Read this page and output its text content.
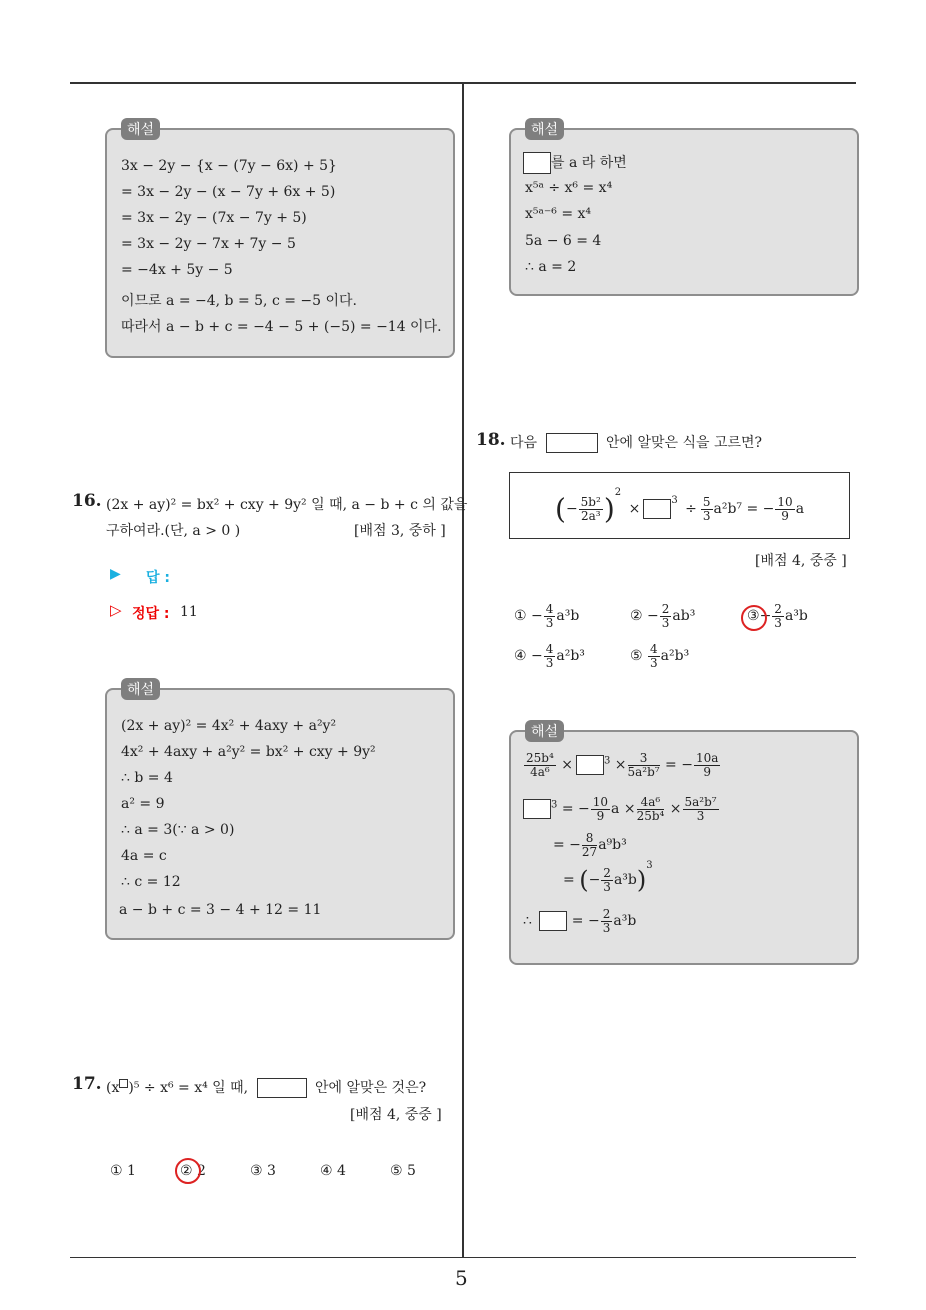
5
해설
3x − 2y − {x − (7y − 6x) + 5}
= 3x − 2y − (x − 7y + 6x + 5)
= 3x − 2y − (7x − 7y + 5)
= 3x − 2y − 7x + 7y − 5
= −4x + 5y − 5
이므로 a = −4, b = 5, c = −5 이다.
따라서 a − b + c = −4 − 5 + (−5) = −14 이다.
16. (2x + ay)² = bx² + cxy + 9y² 일 때, a − b + c 의 값을
구하여라.(단, a > 0 )	[배점 3, 중하 ]
▶ 답 :
▷ 정답 : 11
해설
(2x + ay)² = 4x² + 4axy + a²y²
4x² + 4axy + a²y² = bx² + cxy + 9y²
∴ b = 4
a² = 9
∴ a = 3(∵ a > 0)
4a = c
∴ c = 12
a − b + c = 3 − 4 + 12 = 11
17. (x )⁵ ÷ x⁶ = x⁴ 일 때,	안에 알맞은 것은?
[배점 4, 중중 ]
① 1	② 2	③ 3	④ 4	⑤ 5
해설
를 a 라 하면
x⁵ᵃ ÷ x⁶ = x⁴
x⁵ᵃ⁻⁶ = x⁴
5a − 6 = 4
∴ a = 2
18. 다음	안에 알맞은 식을 고르면?
(− $\frac{\text{5b²}}{\text{2a³}} )^2 \times^3 \div \frac{5}{3} a^2b^7$ = − $\frac{10}{9}$ a
[배점 4, 중중 ]
① − $\frac{4}{3} a^3b$	② − $\frac{2}{3} ab^3$	③− $\frac{2}{3} a^3b$
④ − $\frac{4}{3} a^2b^3$	⑤ $\frac{4}{3} a^2b^3$
해설
$\frac{\text{25b⁴}}{\text{4a⁶}}$ ×	$^3 \times \frac{3}{\text{5a²b⁷}}$ = − $\frac{10a}{9}$
$^3$ = − $\frac{10}{9}$ $a \times \frac{\text{4a⁶}}{\text{25b⁴}} \times \frac{\text{5a²b⁷}}{3}$
= − $\frac{8}{27} a^9b^3$
= (− $\frac{2}{3} a^3b)^3$
∴  = − $\frac{2}{3} a^3b$
